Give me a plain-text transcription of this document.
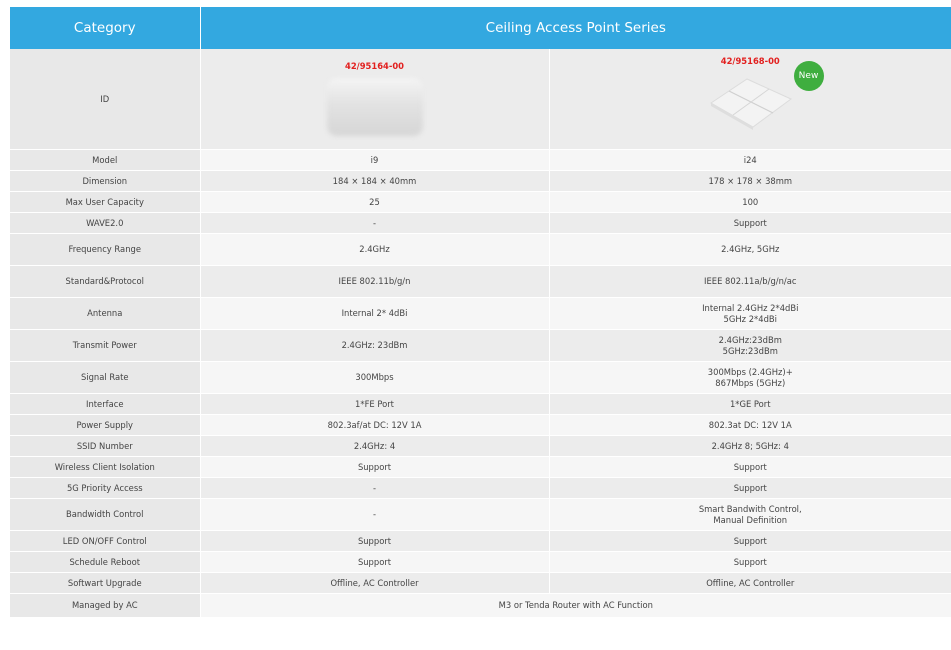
Category	Ceiling Access Point Series	
ID	42/95164-00	42/95168-00
New

Model	i9	i24
Dimension	184 × 184 × 40mm	178 × 178 × 38mm
Max User Capacity	25	100
WAVE2.0	-	Support
Frequency Range	2.4GHz	2.4GHz, 5GHz
Standard&Protocol	IEEE 802.11b/g/n	IEEE 802.11a/b/g/n/ac
Antenna	Internal 2* 4dBi	Internal 2.4GHz 2*4dBi
5GHz 2*4dBi

Transmit Power	2.4GHz: 23dBm	2.4GHz:23dBm
5GHz:23dBm

Signal Rate	300Mbps	300Mbps (2.4GHz)+
867Mbps (5GHz)

Interface	1*FE Port	1*GE Port
Power Supply	802.3af/at DC: 12V 1A	802.3at DC: 12V 1A
SSID Number	2.4GHz: 4	2.4GHz 8; 5GHz: 4
Wireless Client Isolation	Support	Support
5G Priority Access	-	Support
Bandwidth Control	-	Smart Bandwith Control,
Manual Definition

LED ON/OFF Control	Support	Support
Schedule Reboot	Support	Support
Softwart Upgrade	Offline, AC Controller	Offline, AC Controller
Managed by AC	M3 or Tenda Router with AC Function	
